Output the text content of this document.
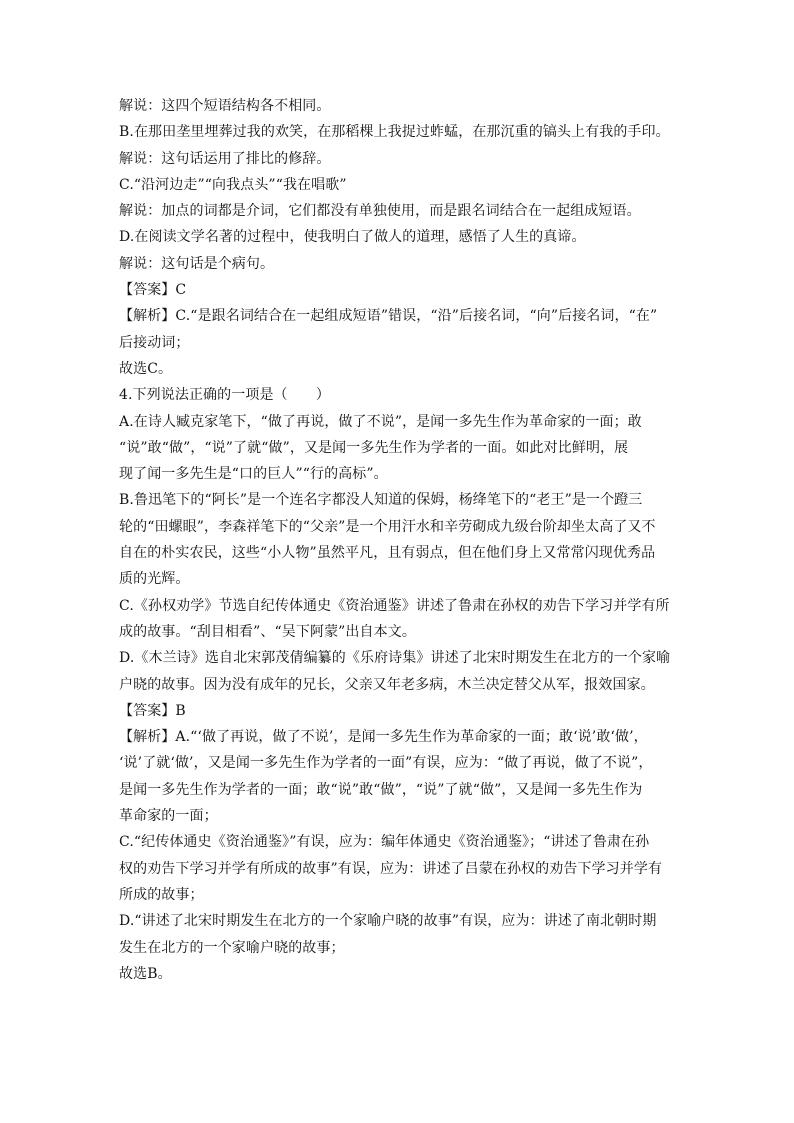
解说：这四个短语结构各不相同。
B.在那田垄里埋葬过我的欢笑，在那稻棵上我捉过蚱蜢，在那沉重的镐头上有我的手印。
解说：这句话运用了排比的修辞。
C.“沿河边走”“向我点头”“我在唱歌”
解说：加点的词都是介词，它们都没有单独使用，而是跟名词结合在一起组成短语。
D.在阅读文学名著的过程中，使我明白了做人的道理，感悟了人生的真谛。
解说：这句话是个病句。
【答案】C
【解析】C.“是跟名词结合在一起组成短语”错误，“沿”后接名词，“向”后接名词，“在”
后接动词；
故选C。
4.下列说法正确的一项是（　　）
A.在诗人臧克家笔下，“做了再说，做了不说”，是闻一多先生作为革命家的一面；敢
“说”敢“做”，“说”了就“做”，又是闻一多先生作为学者的一面。如此对比鲜明，展
现了闻一多先生是“口的巨人”“行的高标”。
B.鲁迅笔下的“阿长”是一个连名字都没人知道的保姆，杨绛笔下的“老王”是一个蹬三
轮的“田螺眼”，李森祥笔下的“父亲”是一个用汗水和辛劳砌成九级台阶却坐太高了又不
自在的朴实农民，这些“小人物”虽然平凡，且有弱点，但在他们身上又常常闪现优秀品
质的光辉。
C.《孙权劝学》节选自纪传体通史《资治通鉴》讲述了鲁肃在孙权的劝告下学习并学有所
成的故事。“刮目相看”、“吴下阿蒙”出自本文。
D.《木兰诗》选自北宋郭茂倩编纂的《乐府诗集》讲述了北宋时期发生在北方的一个家喻
户晓的故事。因为没有成年的兄长，父亲又年老多病，木兰决定替父从军，报效国家。
【答案】B
【解析】A.“‘做了再说，做了不说’，是闻一多先生作为革命家的一面；敢‘说’敢‘做’，
‘说’了就‘做’，又是闻一多先生作为学者的一面”有误，应为：“做了再说，做了不说”，
是闻一多先生作为学者的一面；敢“说”敢“做”，“说”了就“做”，又是闻一多先生作为
革命家的一面；
C.“纪传体通史《资治通鉴》”有误，应为：编年体通史《资治通鉴》；“讲述了鲁肃在孙
权的劝告下学习并学有所成的故事”有误，应为：讲述了吕蒙在孙权的劝告下学习并学有
所成的故事；
D.“讲述了北宋时期发生在北方的一个家喻户晓的故事”有误，应为：讲述了南北朝时期
发生在北方的一个家喻户晓的故事；
故选B。
